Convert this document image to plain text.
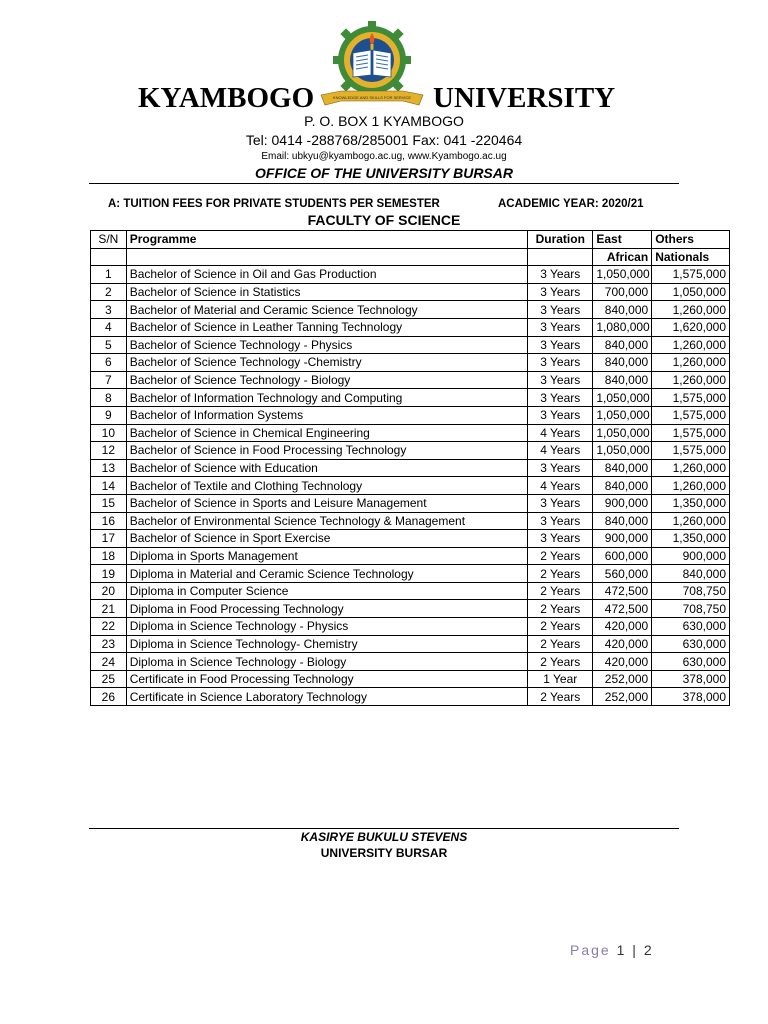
KYAMBOGO	KNOWLEDGE AND SKILLS FOR SERVICE UNIVERSITY
P. O. BOX 1 KYAMBOGO
Tel: 0414 -288768/285001 Fax: 041 -220464
Email: ubkyu@kyambogo.ac.ug, www.Kyambogo.ac.ug
OFFICE OF THE UNIVERSITY BURSAR
A: TUITION FEES FOR PRIVATE STUDENTS PER SEMESTER	ACADEMIC YEAR: 2020/21
FACULTY OF SCIENCE
S/N	Programme	Duration	East	Others
			African	Nationals
1	Bachelor of Science in Oil and Gas Production	3 Years	1,050,000	1,575,000
2	Bachelor of Science in Statistics	3 Years	700,000	1,050,000
3	Bachelor of Material and Ceramic Science Technology	3 Years	840,000	1,260,000
4	Bachelor of Science in Leather Tanning Technology	3 Years	1,080,000	1,620,000
5	Bachelor of Science Technology - Physics	3 Years	840,000	1,260,000
6	Bachelor of Science Technology -Chemistry	3 Years	840,000	1,260,000
7	Bachelor of Science Technology - Biology	3 Years	840,000	1,260,000
8	Bachelor of Information Technology and Computing	3 Years	1,050,000	1,575,000
9	Bachelor of Information Systems	3 Years	1,050,000	1,575,000
10	Bachelor of Science in Chemical Engineering	4 Years	1,050,000	1,575,000
12	Bachelor of Science in Food Processing Technology	4 Years	1,050,000	1,575,000
13	Bachelor of Science with Education	3 Years	840,000	1,260,000
14	Bachelor of Textile and Clothing Technology	4 Years	840,000	1,260,000
15	Bachelor of Science in Sports and Leisure Management	3 Years	900,000	1,350,000
16	Bachelor of Environmental Science Technology & Management	3 Years	840,000	1,260,000
17	Bachelor of Science in Sport Exercise	3 Years	900,000	1,350,000
18	Diploma in Sports Management	2 Years	600,000	900,000
19	Diploma in Material and Ceramic Science Technology	2 Years	560,000	840,000
20	Diploma in Computer Science	2 Years	472,500	708,750
21	Diploma in Food Processing Technology	2 Years	472,500	708,750
22	Diploma in Science Technology - Physics	2 Years	420,000	630,000
23	Diploma in Science Technology- Chemistry	2 Years	420,000	630,000
24	Diploma in Science Technology - Biology	2 Years	420,000	630,000
25	Certificate in Food Processing Technology	1 Year	252,000	378,000
26	Certificate in Science Laboratory Technology	2 Years	252,000	378,000
KASIRYE BUKULU STEVENS
UNIVERSITY BURSAR
Page 1 | 2
